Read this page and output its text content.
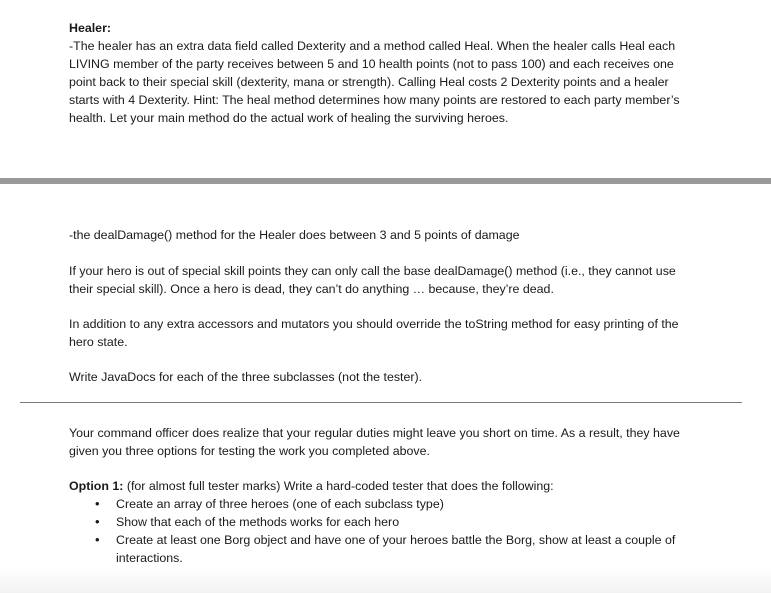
Healer:

-The healer has an extra data field called Dexterity and a method called Heal. When the healer calls Heal each

LIVING member of the party receives between 5 and 10 health points (not to pass 100) and each receives one

point back to their special skill (dexterity, mana or strength). Calling Heal costs 2 Dexterity points and a healer

starts with 4 Dexterity. Hint: The heal method determines how many points are restored to each party member’s

health. Let your main method do the actual work of healing the surviving heroes.

-the dealDamage() method for the Healer does between 3 and 5 points of damage

If your hero is out of special skill points they can only call the base dealDamage() method (i.e., they cannot use

their special skill). Once a hero is dead, they can’t do anything … because, they’re dead.

In addition to any extra accessors and mutators you should override the toString method for easy printing of the

hero state.

Write JavaDocs for each of the three subclasses (not the tester).

Your command officer does realize that your regular duties might leave you short on time. As a result, they have

given you three options for testing the work you completed above.

Option 1: (for almost full tester marks) Write a hard-coded tester that does the following:

• Create an array of three heroes (one of each subclass type)
• Show that each of the methods works for each hero
• Create at least one Borg object and have one of your heroes battle the Borg, show at least a couple of
interactions.
